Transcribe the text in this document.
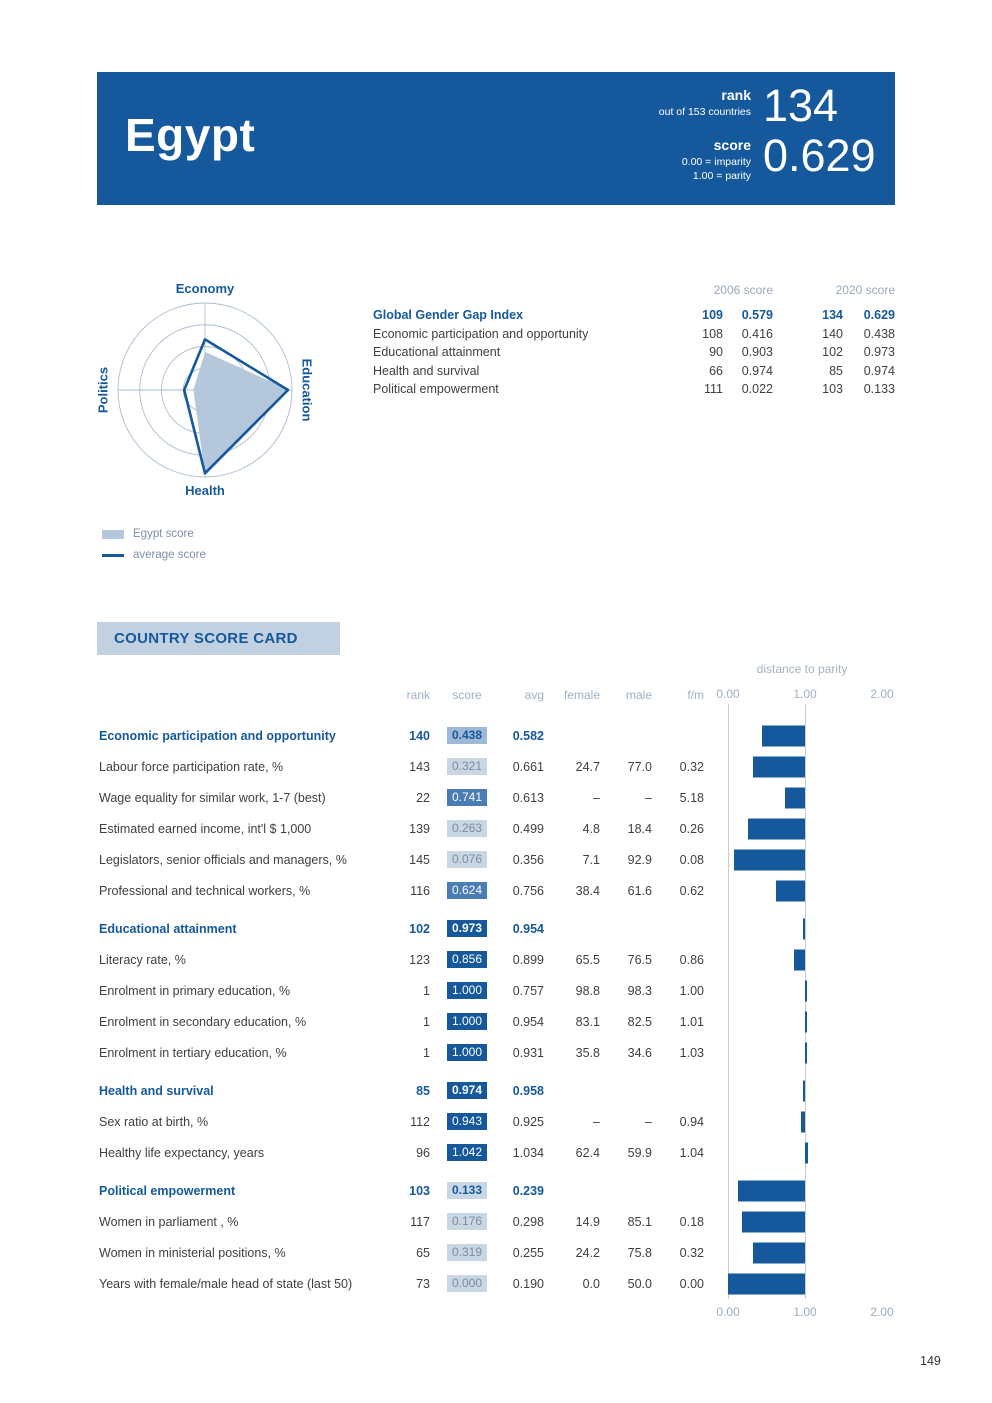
Egypt
rank
out of 153 countries 134
score
0.00 = imparity
1.00 = parity 0.629
Economy
Education
Health
Politics
Egypt score
average score
2006 score	2020 score
Global Gender Gap Index	109	0.579	134	0.629
Economic participation and opportunity	108	0.416	140	0.438
Educational attainment	90	0.903	102	0.973
Health and survival	66	0.974	85	0.974
Political empowerment	111	0.022	103	0.133
COUNTRY SCORE CARD
distance to parity
rank	score	avg	female	male	f/m	0.00	1.00	2.00
Economic participation and opportunity	140	0.438	0.582
Labour force participation rate, %	143	0.321	0.661	24.7	77.0	0.32
Wage equality for similar work, 1-7 (best)	22	0.741	0.613	–	–	5.18
Estimated earned income, int'l $ 1,000	139	0.263	0.499	4.8	18.4	0.26
Legislators, senior officials and managers, %	145	0.076	0.356	7.1	92.9	0.08
Professional and technical workers, %	116	0.624	0.756	38.4	61.6	0.62
Educational attainment	102	0.973	0.954
Literacy rate, %	123	0.856	0.899	65.5	76.5	0.86
Enrolment in primary education, %	1	1.000	0.757	98.8	98.3	1.00
Enrolment in secondary education, %	1	1.000	0.954	83.1	82.5	1.01
Enrolment in tertiary education, %	1	1.000	0.931	35.8	34.6	1.03
Health and survival	85	0.974	0.958
Sex ratio at birth, %	112	0.943	0.925	–	–	0.94
Healthy life expectancy, years	96	1.042	1.034	62.4	59.9	1.04
Political empowerment	103	0.133	0.239
Women in parliament , %	117	0.176	0.298	14.9	85.1	0.18
Women in ministerial positions, %	65	0.319	0.255	24.2	75.8	0.32
Years with female/male head of state (last 50)	73	0.000	0.190	0.0	50.0	0.00
0.00	1.00	2.00
149
